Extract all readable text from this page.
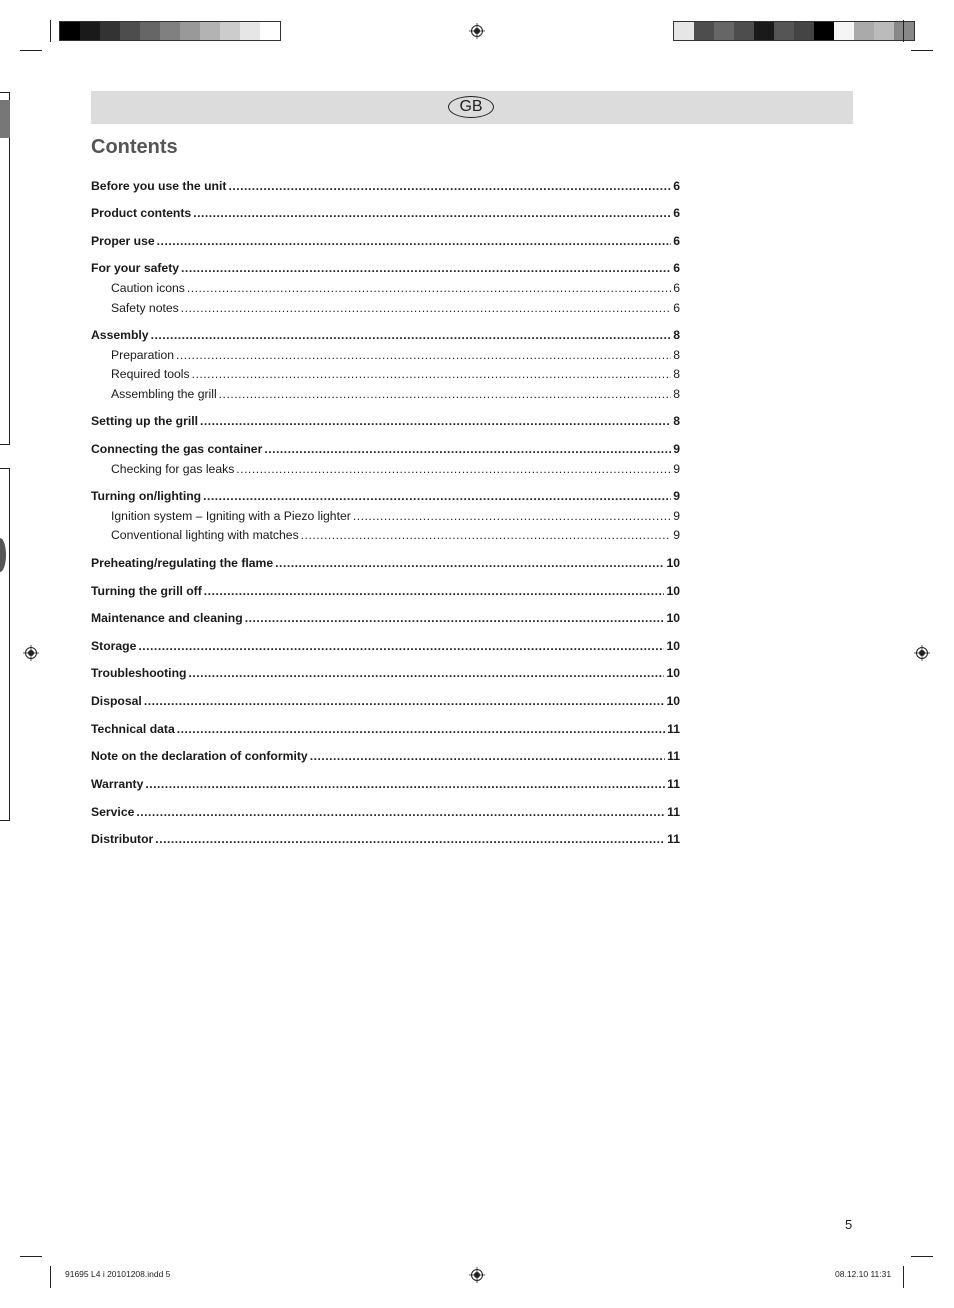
GB
Contents
Before you use the unit .....	6
Product contents .....	6
Proper use .....	6
For your safety .....	6
Caution icons .....	6
Safety notes .....	6
Assembly .....	8
Preparation .....	8
Required tools .....	8
Assembling the grill .....	8
Setting up the grill .....	8
Connecting the gas container .....	9
Checking for gas leaks .....	9
Turning on/lighting .....	9
Ignition system – Igniting with a Piezo lighter .....	9
Conventional lighting with matches .....	9
Preheating/regulating the flame .....	10
Turning the grill off .....	10
Maintenance and cleaning .....	10
Storage .....	10
Troubleshooting .....	10
Disposal .....	10
Technical data .....	11
Note on the declaration of conformity .....	11
Warranty .....	11
Service .....	11
Distributor .....	11
5
91695 L4 i 20101208.indd 5	08.12.10 11:31
